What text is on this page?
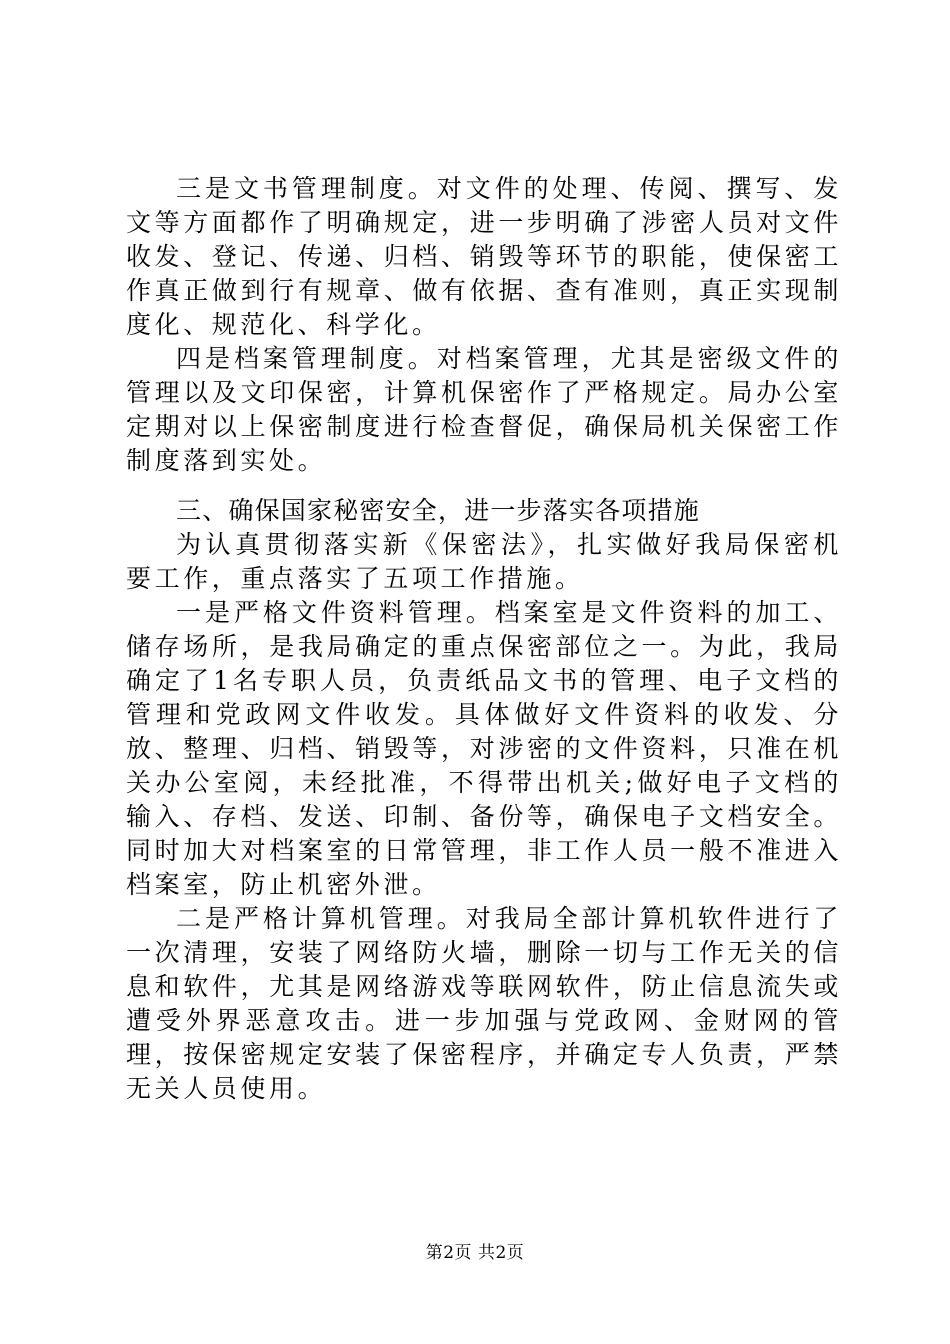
三是文书管理制度。对文件的处理、传阅、撰写、发文等方面都作了明确规定，进一步明确了涉密人员对文件收发、登记、传递、归档、销毁等环节的职能，使保密工作真正做到行有规章、做有依据、查有准则，真正实现制度化、规范化、科学化。

四是档案管理制度。对档案管理，尤其是密级文件的管理以及文印保密，计算机保密作了严格规定。局办公室定期对以上保密制度进行检查督促，确保局机关保密工作制度落到实处。

三、确保国家秘密安全，进一步落实各项措施

为认真贯彻落实新《保密法》，扎实做好我局保密机要工作，重点落实了五项工作措施。

一是严格文件资料管理。档案室是文件资料的加工、储存场所，是我局确定的重点保密部位之一。为此，我局确定了1名专职人员，负责纸品文书的管理、电子文档的管理和党政网文件收发。具体做好文件资料的收发、分放、整理、归档、销毁等，对涉密的文件资料，只准在机关办公室阅，未经批准，不得带出机关;做好电子文档的输入、存档、发送、印制、备份等，确保电子文档安全。同时加大对档案室的日常管理，非工作人员一般不准进入档案室，防止机密外泄。

二是严格计算机管理。对我局全部计算机软件进行了一次清理，安装了网络防火墙，删除一切与工作无关的信息和软件，尤其是网络游戏等联网软件，防止信息流失或遭受外界恶意攻击。进一步加强与党政网、金财网的管理，按保密规定安装了保密程序，并确定专人负责，严禁无关人员使用。

第2页 共2页
